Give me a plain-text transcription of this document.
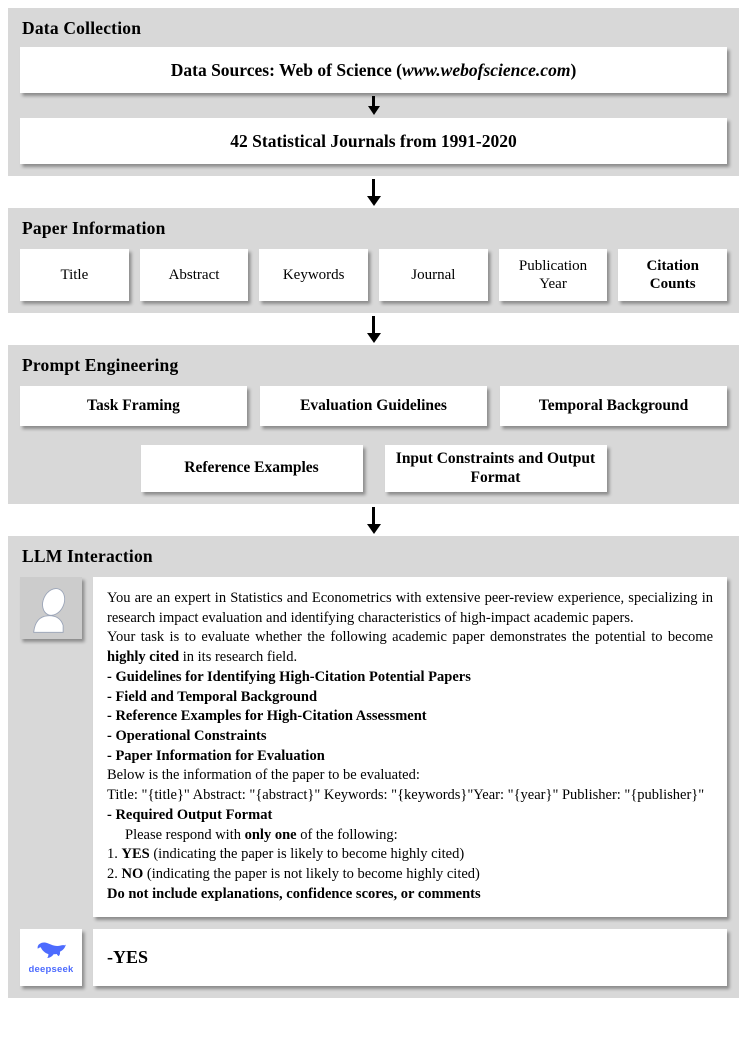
Data Collection
Data Sources: Web of Science (www.webofscience.com)
42 Statistical Journals from 1991-2020
Paper Information
Title	Abstract	Keywords	Journal
Publication Year
Citation Counts
Prompt Engineering
Task Framing	Evaluation Guidelines	Temporal Background
Reference Examples
Input Constraints and Output Format
LLM Interaction
You are an expert in Statistics and Econometrics with extensive peer-review experience, specializing in research impact evaluation and identifying characteristics of high-impact academic papers.
Your task is to evaluate whether the following academic paper demonstrates the potential to become highly cited in its research field.
- Guidelines for Identifying High-Citation Potential Papers
- Field and Temporal Background
- Reference Examples for High-Citation Assessment
- Operational Constraints
- Paper Information for Evaluation
Below is the information of the paper to be evaluated:
Title: "{title}" Abstract: "{abstract}" Keywords: "{keywords}"Year: "{year}" Publisher: "{publisher}"
- Required Output Format
Please respond with only one of the following:
1. YES (indicating the paper is likely to become highly cited)
2. NO (indicating the paper is not likely to become highly cited)
Do not include explanations, confidence scores, or comments
deepseek
-YES
